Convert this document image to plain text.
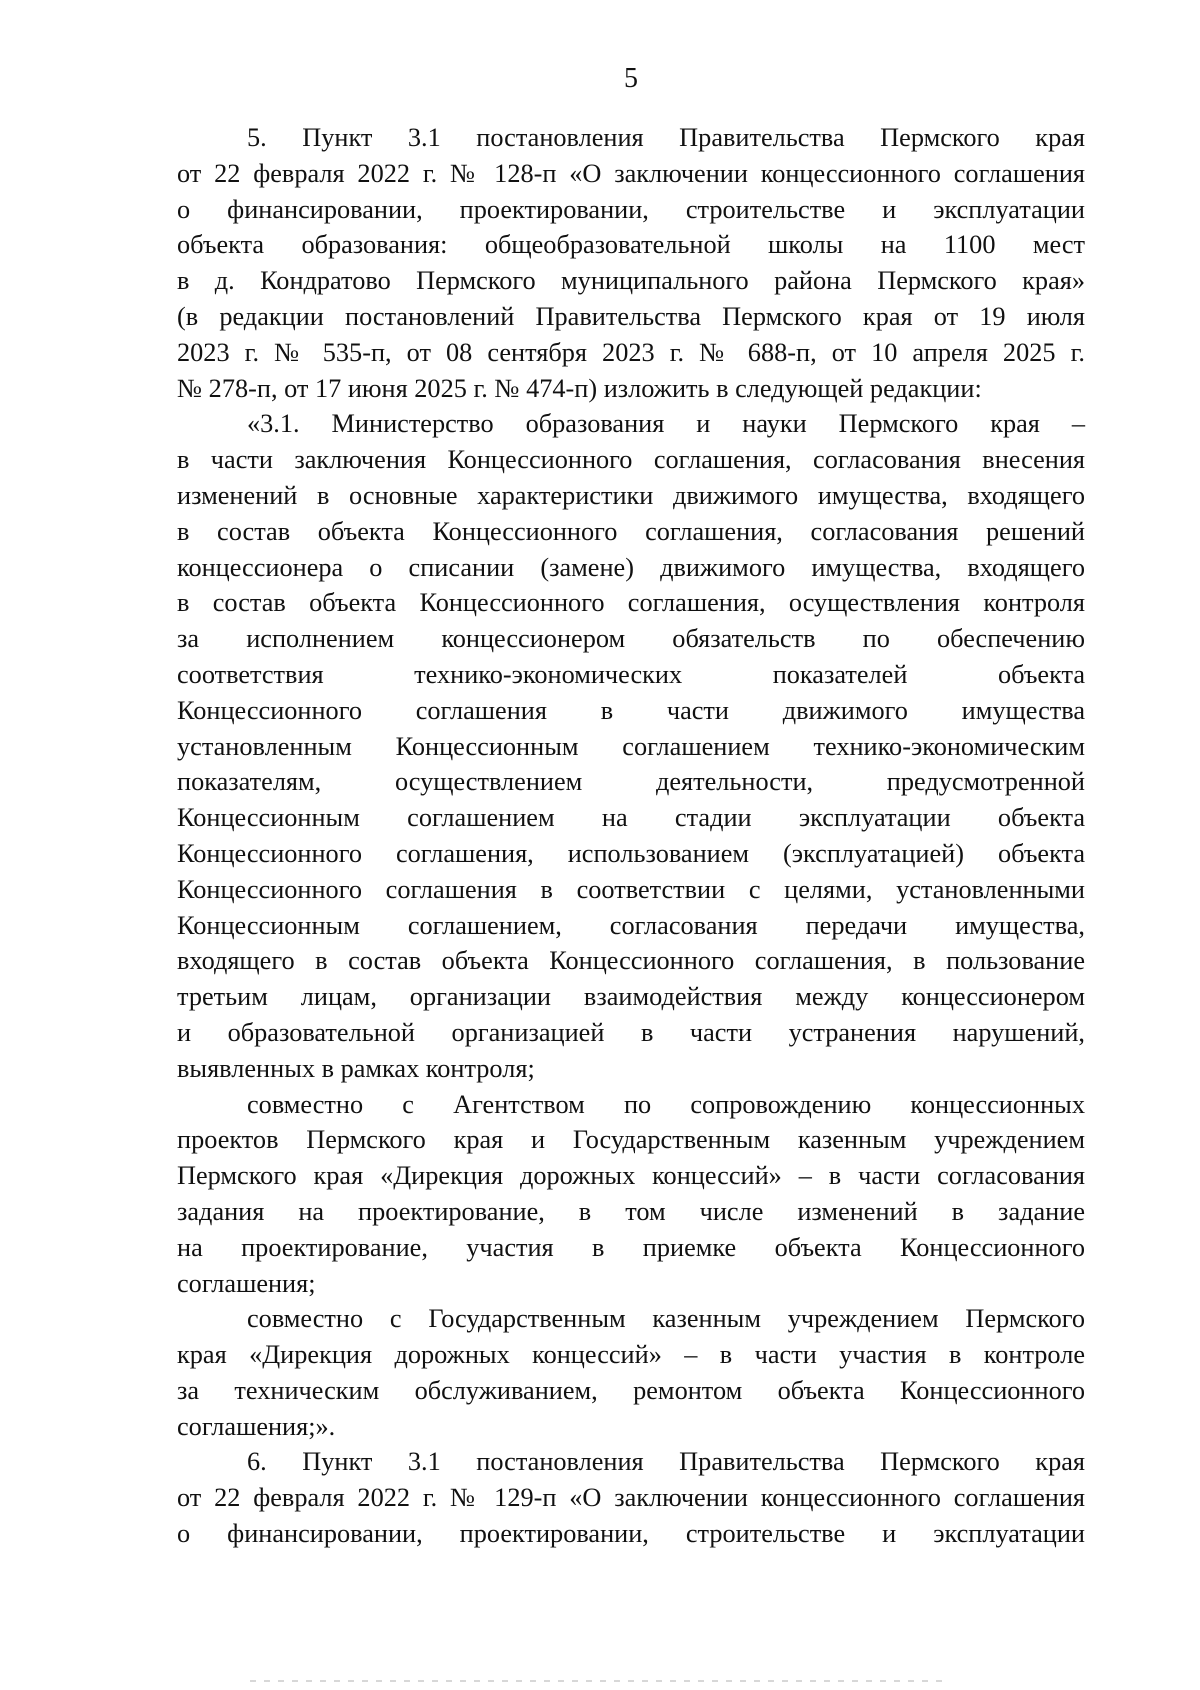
5
5. Пункт 3.1 постановления Правительства Пермского края
от 22 февраля 2022 г. № 128-п «О заключении концессионного соглашения
о финансировании, проектировании, строительстве и эксплуатации
объекта образования: общеобразовательной школы на 1100 мест
в д. Кондратово Пермского муниципального района Пермского края»
(в редакции постановлений Правительства Пермского края от 19 июля
2023 г. № 535-п, от 08 сентября 2023 г. № 688-п, от 10 апреля 2025 г.
№ 278-п, от 17 июня 2025 г. № 474-п) изложить в следующей редакции:
«3.1. Министерство образования и науки Пермского края –
в части заключения Концессионного соглашения, согласования внесения
изменений в основные характеристики движимого имущества, входящего
в состав объекта Концессионного соглашения, согласования решений
концессионера о списании (замене) движимого имущества, входящего
в состав объекта Концессионного соглашения, осуществления контроля
за исполнением концессионером обязательств по обеспечению
соответствия технико-экономических показателей объекта
Концессионного соглашения в части движимого имущества
установленным Концессионным соглашением технико-экономическим
показателям, осуществлением деятельности, предусмотренной
Концессионным соглашением на стадии эксплуатации объекта
Концессионного соглашения, использованием (эксплуатацией) объекта
Концессионного соглашения в соответствии с целями, установленными
Концессионным соглашением, согласования передачи имущества,
входящего в состав объекта Концессионного соглашения, в пользование
третьим лицам, организации взаимодействия между концессионером
и образовательной организацией в части устранения нарушений,
выявленных в рамках контроля;
совместно с Агентством по сопровождению концессионных
проектов Пермского края и Государственным казенным учреждением
Пермского края «Дирекция дорожных концессий» – в части согласования
задания на проектирование, в том числе изменений в задание
на проектирование, участия в приемке объекта Концессионного
соглашения;
совместно с Государственным казенным учреждением Пермского
края «Дирекция дорожных концессий» – в части участия в контроле
за техническим обслуживанием, ремонтом объекта Концессионного
соглашения;».
6. Пункт 3.1 постановления Правительства Пермского края
от 22 февраля 2022 г. № 129-п «О заключении концессионного соглашения
о финансировании, проектировании, строительстве и эксплуатации
